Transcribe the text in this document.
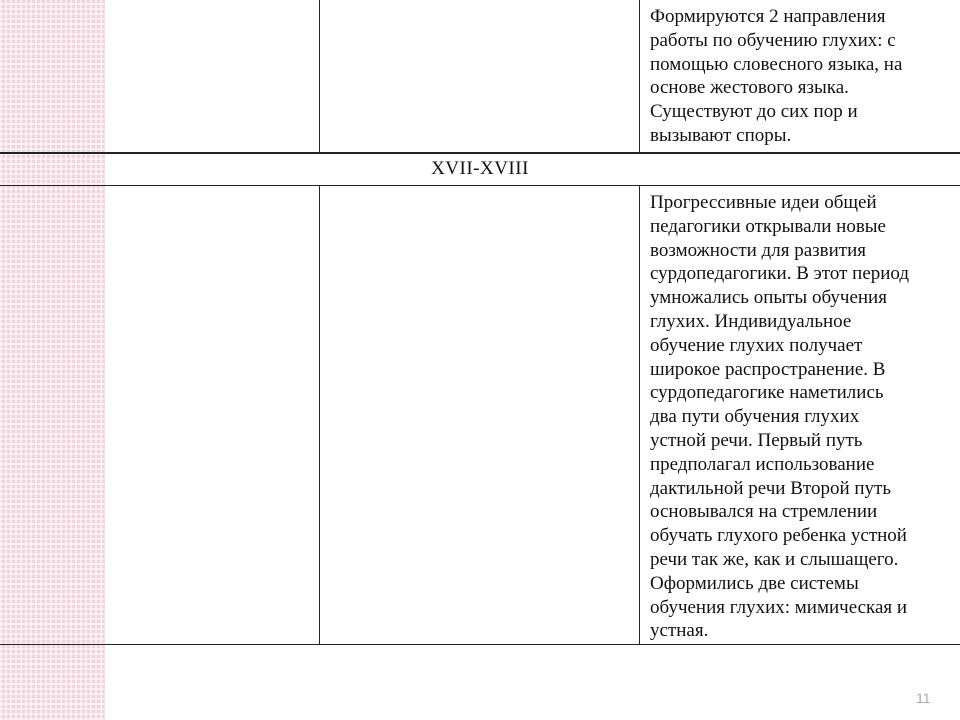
Формируются 2 направления
работы по обучению глухих: с
помощью словесного языка, на
основе жестового языка.
Существуют до сих пор и
вызывают споры.
XVII-XVIII
Прогрессивные идеи общей
педагогики открывали новые
возможности для развития
сурдопедагогики. В этот период
умножались опыты обучения
глухих. Индивидуальное
обучение глухих получает
широкое распространение. В
сурдопедагогике наметились
два пути обучения глухих
устной речи. Первый путь
предполагал использование
дактильной речи Второй путь
основывался на стремлении
обучать глухого ребенка устной
речи так же, как и слышащего.
Оформились две системы
обучения глухих: мимическая и
устная.
11
